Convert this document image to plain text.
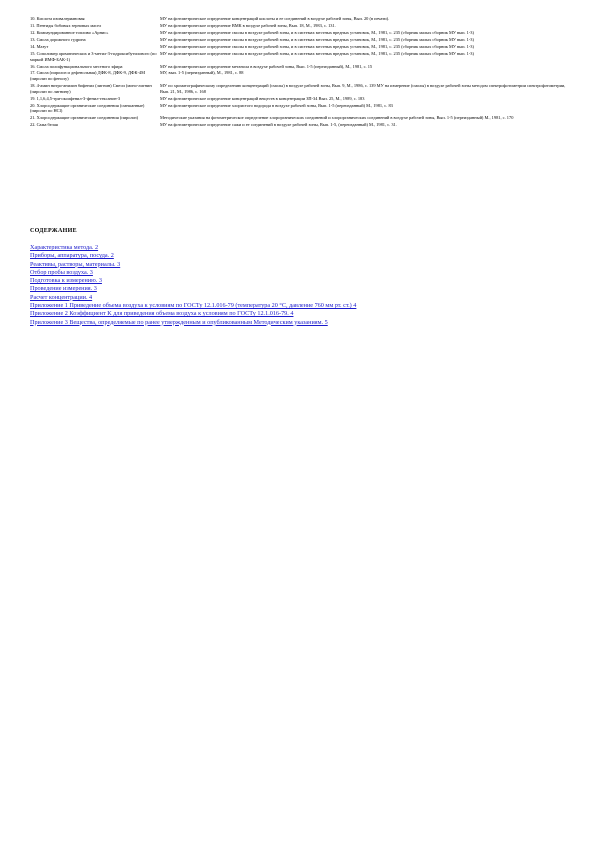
10. Кислота изовалериановая	МУ на фотометрическое определение концентраций кислоты и ее соединений в воздухе рабочей зоны, Вып. 20 (в печати).
11. Пентиды бобовых зерновых масел	МУ на фотометрическое определение ВМК в воздухе рабочей зоны, Вып. 18, М., 1983, с. 131.
12. Компаундированное топливо «Арнис»	МУ на фотометрическое определение смолы в воздухе рабочей зоны, и в системах местных вредных установок, М., 1981, с. 235 (сборник малых сборник МУ вып. 1-3)
13. Смола дорожного гудрона	МУ на фотометрическое определение смолы в воздухе рабочей зоны, и в системах местных вредных установок, М., 1981, с. 235 (сборник малых сборник МУ вып. 1-3)
14. Мазут	МУ на фотометрическое определение смолы в воздухе рабочей зоны, и в системах местных вредных установок, М., 1981, с. 235 (сборник малых сборник МУ вып. 1-3)
15. Сополимер ароматических и 3-метил-3-гидроксибутилового (по маркой ИМФ-БАК-1)	МУ на фотометрическое определение смолы в воздухе рабочей зоны, и в системах местных вредных установок, М., 1981, с. 235 (сборник малых сборник МУ вып. 1-3)
16. Смола полифункционального местного эфира	МУ на фотометрическое определение метанола в воздухе рабочей зоны, Вып. 1-5 (переизданный), М., 1981, с. 15
17. Смола (пиролиз и дефенольная) ДФК-8, ДФК-9, ДФК-4М (пиролиз по фенолу)	МУ, вып. 1-5 (переизданный), М., 1981, с. 88
18. 4-амин нитро-анилин бифенил (лигнин) Смеси (моно-лигнин (пиролиз по лигнину)	МУ по хроматографическому определению концентраций (смолы) в воздухе рабочей зоны, Вып. 9, М., 1986, с. 139 МУ на измерение (смолы) в воздухе рабочей зоны методом спектрофотометрии спектрофотометрии, Вып. 21, М., 1986, с. 168
19. 1,1,6,4,5-три-оксифенил-3-фенил-гексанон-3	МУ на фотометрическое определение концентраций веществ в концентрации ЗП-34 Вып. 25, М., 1989, с. 183
20. Хлорсодержащие органические соединения (смешанные) (пиролиз по НСl)	МУ на фотометрическое определение хлористого водорода в воздухе рабочей зоны, Вып. 1-5 (переизданный) М., 1981, с. 83
21. Хлорсодержащие органические соединения (пиролиз)	Методические указания на фотометрическое определение хлорорганических соединений и хлорорганических соединений в воздухе рабочей зоны, Вып. 1-5 (переизданный) М., 1981, с. 170
22. Сажа белая	МУ на фотометрическое определение сажи и ее соединений в воздухе рабочей зоны, Вып. 1-5, (переизданный) М., 1981, с. 31.
СОДЕРЖАНИЕ
Характеристика метода. 2
Приборы, аппаратура, посуда. 2
Реактивы, растворы, материалы. 3
Отбор пробы воздуха. 3
Подготовка к измерению. 3
Проведение измерения. 3
Расчет концентрации. 4
Приложение 1 Приведение объема воздуха к условиям по ГОСТу 12.1.016-79 (температура 20 °С, давление 760 мм рт. ст.) 4
Приложение 2 Коэффициент K для приведения объема воздуха к условиям по ГОСТу 12.1.016-79. 4
Приложение 3 Вещества, определяемые по ранее утвержденным и опубликованным Методическим указаниям. 5
